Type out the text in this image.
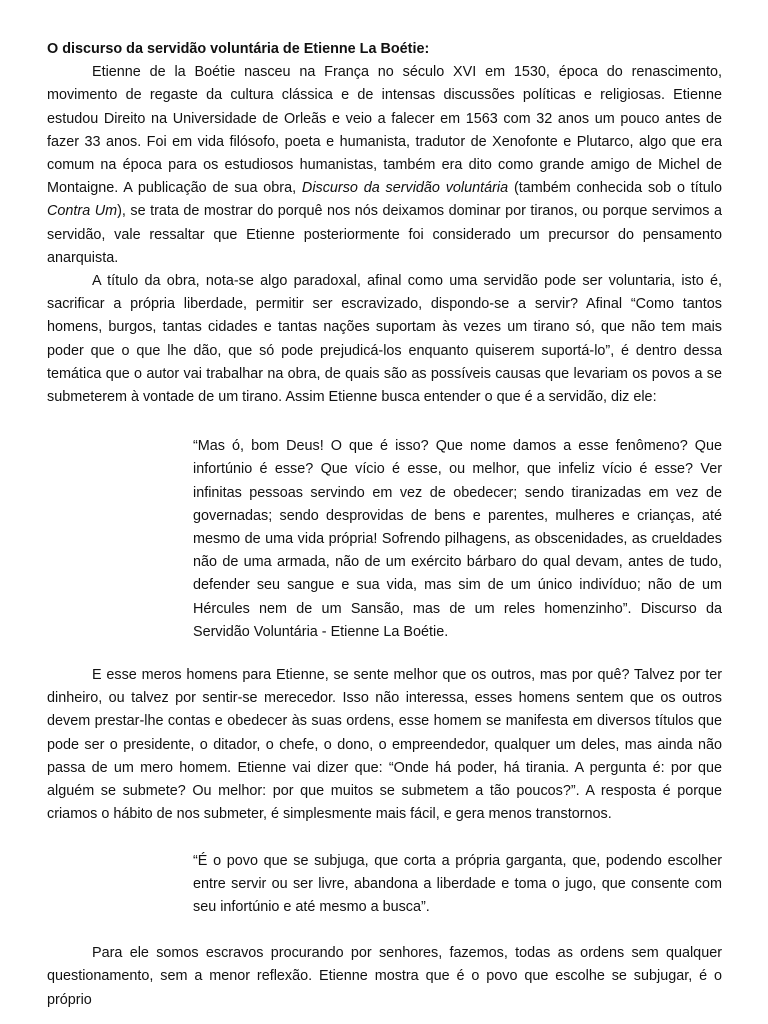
O discurso da servidão voluntária de Etienne La Boétie:

Etienne de la Boétie nasceu na França no século XVI em 1530, época do renascimento, movimento de regaste da cultura clássica e de intensas discussões políticas e religiosas. Etienne estudou Direito na Universidade de Orleãs e veio a falecer em 1563 com 32 anos um pouco antes de fazer 33 anos. Foi em vida filósofo, poeta e humanista, tradutor de Xenofonte e Plutarco, algo que era comum na época para os estudiosos humanistas, também era dito como grande amigo de Michel de Montaigne. A publicação de sua obra, Discurso da servidão voluntária (também conhecida sob o título Contra Um), se trata de mostrar do porquê nos nós deixamos dominar por tiranos, ou porque servimos a servidão, vale ressaltar que Etienne posteriormente foi considerado um precursor do pensamento anarquista.

A título da obra, nota-se algo paradoxal, afinal como uma servidão pode ser voluntaria, isto é, sacrificar a própria liberdade, permitir ser escravizado, dispondo-se a servir? Afinal “Como tantos homens, burgos, tantas cidades e tantas nações suportam às vezes um tirano só, que não tem mais poder que o que lhe dão, que só pode prejudicá-los enquanto quiserem suportá-lo”, é dentro dessa temática que o autor vai trabalhar na obra, de quais são as possíveis causas que levariam os povos a se submeterem à vontade de um tirano. Assim Etienne busca entender o que é a servidão, diz ele:

“Mas ó, bom Deus! O que é isso? Que nome damos a esse fenômeno? Que infortúnio é esse? Que vício é esse, ou melhor, que infeliz vício é esse? Ver infinitas pessoas servindo em vez de obedecer; sendo tiranizadas em vez de governadas; sendo desprovidas de bens e parentes, mulheres e crianças, até mesmo de uma vida própria! Sofrendo pilhagens, as obscenidades, as crueldades não de uma armada, não de um exército bárbaro do qual devam, antes de tudo, defender seu sangue e sua vida, mas sim de um único indivíduo; não de um Hércules nem de um Sansão, mas de um reles homenzinho”. Discurso da Servidão Voluntária - Etienne La Boétie.

E esse meros homens para Etienne, se sente melhor que os outros, mas por quê? Talvez por ter dinheiro, ou talvez por sentir-se merecedor. Isso não interessa, esses homens sentem que os outros devem prestar-lhe contas e obedecer às suas ordens, esse homem se manifesta em diversos títulos que pode ser o presidente, o ditador, o chefe, o dono, o empreendedor, qualquer um deles, mas ainda não passa de um mero homem. Etienne vai dizer que: “Onde há poder, há tirania. A pergunta é: por que alguém se submete? Ou melhor: por que muitos se submetem a tão poucos?”. A resposta é porque criamos o hábito de nos submeter, é simplesmente mais fácil, e gera menos transtornos.

“É o povo que se subjuga, que corta a própria garganta, que, podendo escolher entre servir ou ser livre, abandona a liberdade e toma o jugo, que consente com seu infortúnio e até mesmo a busca”.

Para ele somos escravos procurando por senhores, fazemos, todas as ordens sem qualquer questionamento, sem a menor reflexão. Etienne mostra que é o povo que escolhe se subjugar, é o próprio
